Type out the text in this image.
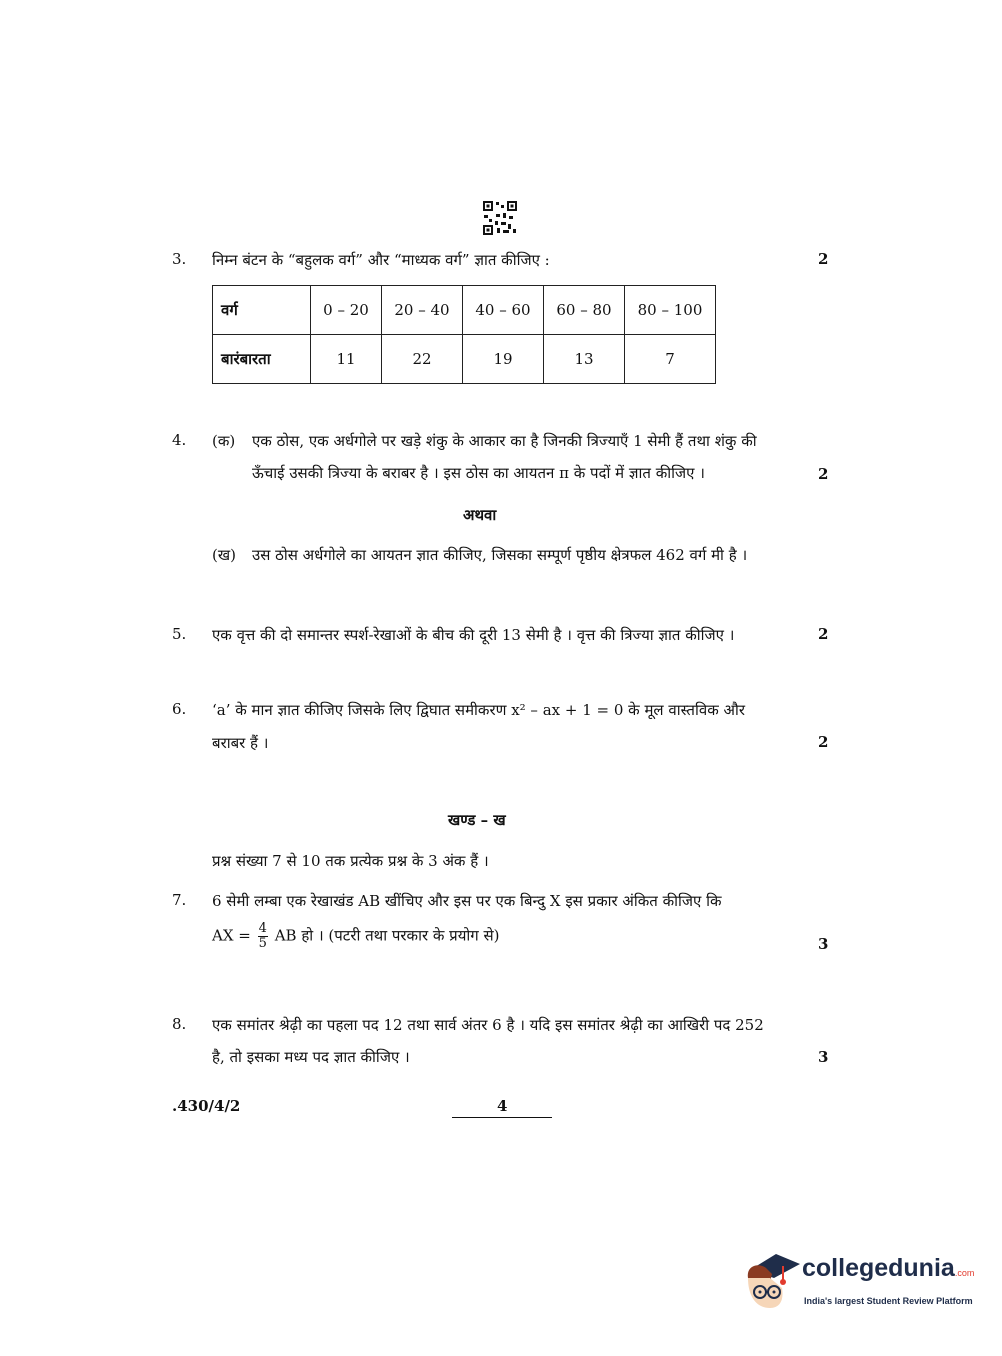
3. निम्न बंटन के “बहुलक वर्ग” और “माध्यक वर्ग” ज्ञात कीजिए :	2
वर्ग	0 – 20	20 – 40	40 – 60	60 – 80	80 – 100
बारंबारता	11	22	19	13	7
4. (क) एक ठोस, एक अर्धगोले पर खड़े शंकु के आकार का है जिनकी त्रिज्याएँ 1 सेमी हैं तथा शंकु की
ऊँचाई उसकी त्रिज्या के बराबर है । इस ठोस का आयतन π के पदों में ज्ञात कीजिए ।	2
अथवा
(ख) उस ठोस अर्धगोले का आयतन ज्ञात कीजिए, जिसका सम्पूर्ण पृष्ठीय क्षेत्रफल 462 वर्ग मी है ।
5. एक वृत्त की दो समान्तर स्पर्श-रेखाओं के बीच की दूरी 13 सेमी है । वृत्त की त्रिज्या ज्ञात कीजिए ।	2
6. ‘a’ के मान ज्ञात कीजिए जिसके लिए द्विघात समीकरण x² – ax + 1 = 0 के मूल वास्तविक और
बराबर हैं ।	2
खण्ड – ख
प्रश्न संख्या 7 से 10 तक प्रत्येक प्रश्न के 3 अंक हैं ।
7. 6 सेमी लम्बा एक रेखाखंड AB खींचिए और इस पर एक बिन्दु X इस प्रकार अंकित कीजिए कि
AX = $\frac{4}{5}$ AB हो । (पटरी तथा परकार के प्रयोग से)	3
8. एक समांतर श्रेढ़ी का पहला पद 12 तथा सार्व अंतर 6 है । यदि इस समांतर श्रेढ़ी का आखिरी पद 252
है, तो इसका मध्य पद ज्ञात कीजिए ।	3
.430/4/2	4
collegedunia.com
India's largest Student Review Platform
